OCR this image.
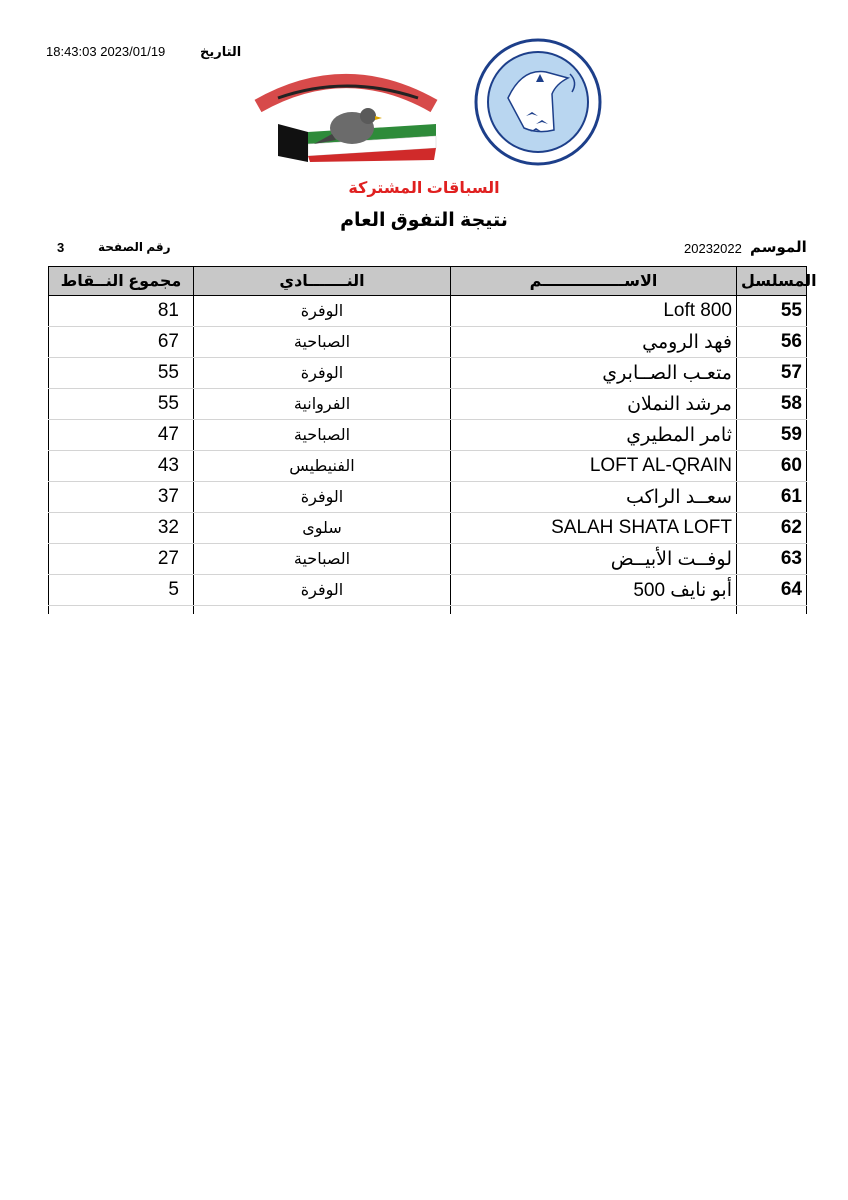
18:43:03 2023/01/19	التاريخ
السباقات المشتركة
نتيجة التفوق العام
رقم الصفحة
3	20232022 الموسم
مجموع النــقاط	النـــــــادي	الاســـــــــــــــم	المسلسل
81	الوفرة	Loft 800	55
67	الصباحية	فهد الرومي	56
55	الوفرة	متعـب الصــابري	57
55	الفروانية	مرشد النملان	58
47	الصباحية	ثامر المطيري	59
43	الفنيطيس	LOFT AL-QRAIN	60
37	الوفرة	سعــد الراكب	61
32	سلوى	SALAH SHATA LOFT	62
27	الصباحية	لوفــت الأبيــض	63
5	الوفرة	أبو نايف 500	64
